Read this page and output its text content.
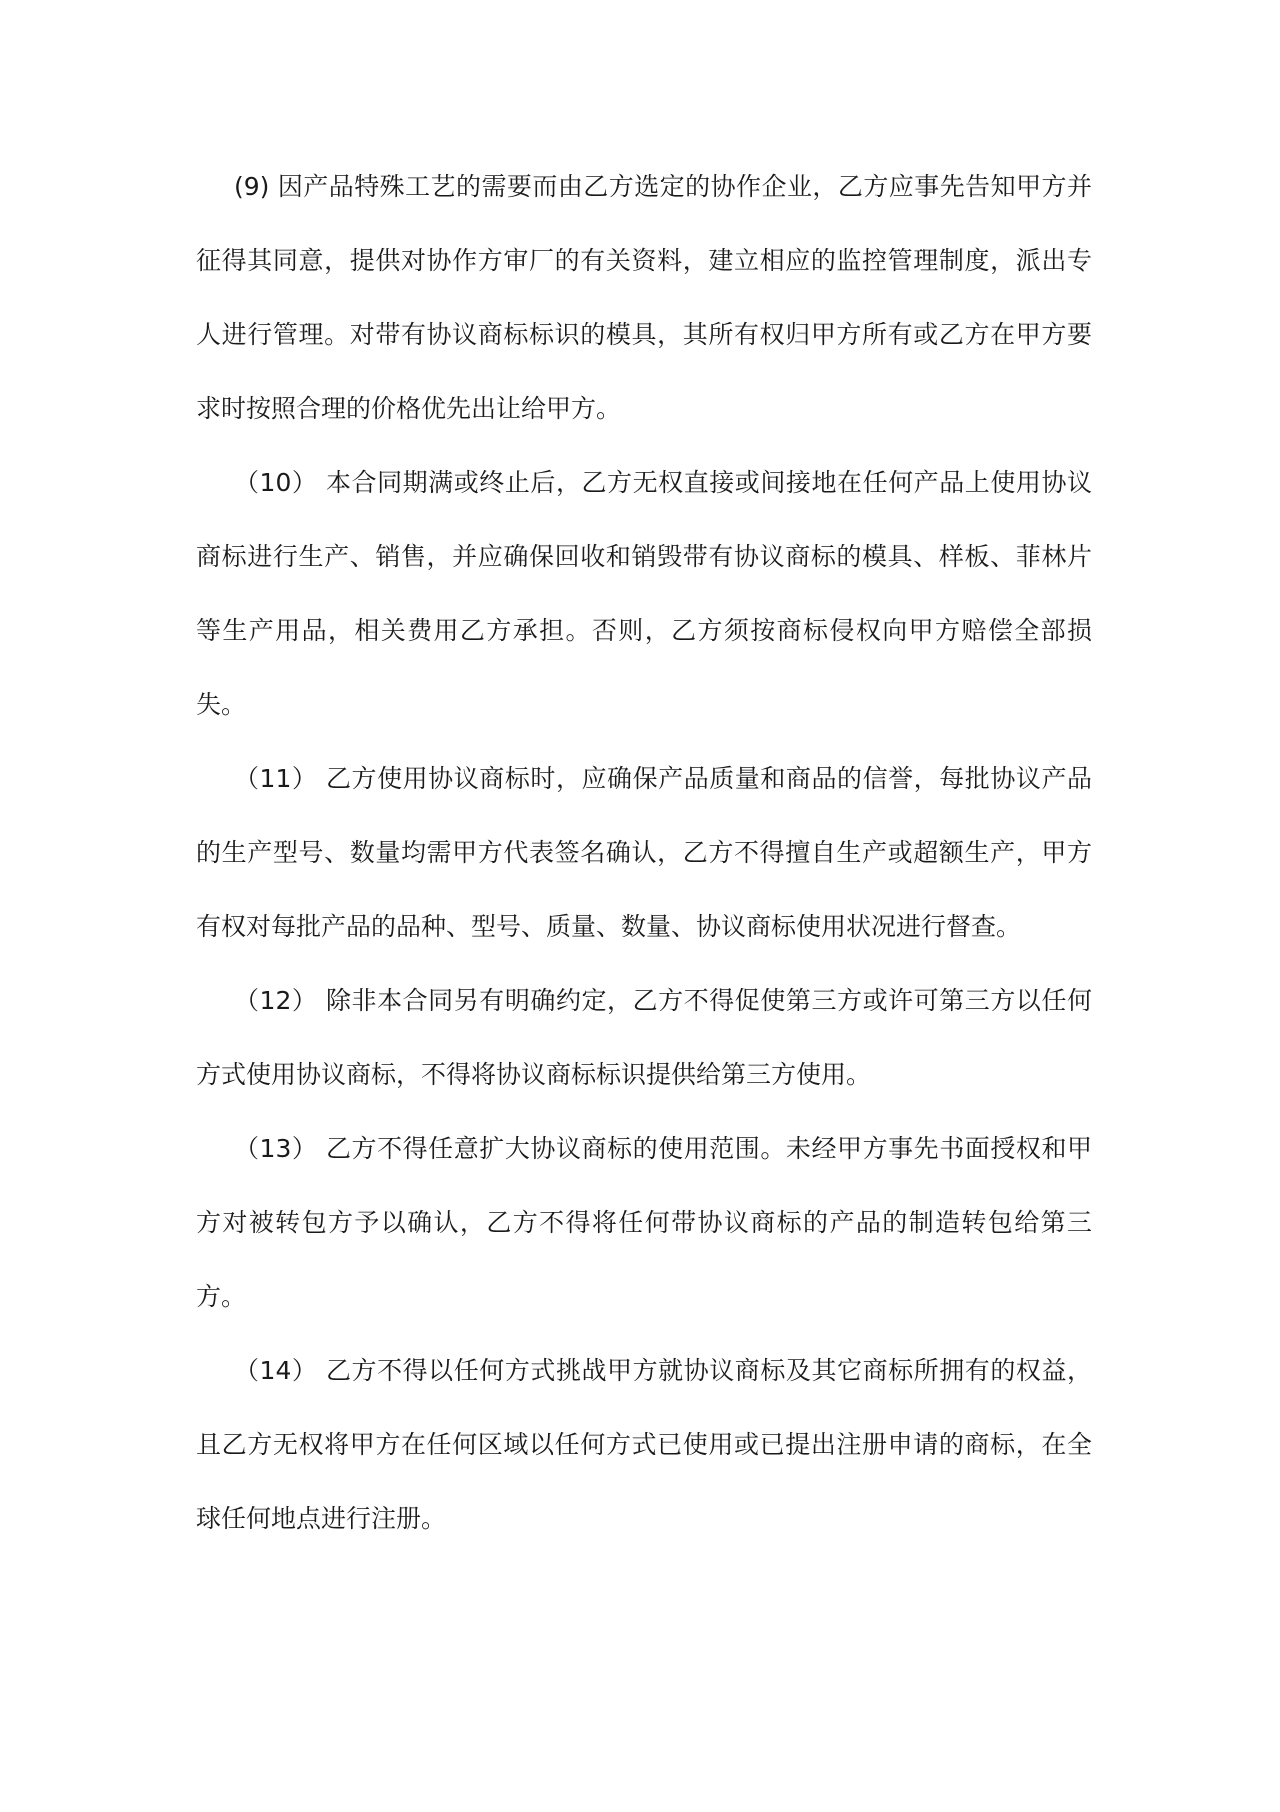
(9) 因产品特殊工艺的需要而由乙方选定的协作企业，乙方应事先告知甲方并征得其同意，提供对协作方审厂的有关资料，建立相应的监控管理制度，派出专人进行管理。对带有协议商标标识的模具，其所有权归甲方所有或乙方在甲方要求时按照合理的价格优先出让给甲方。

（10） 本合同期满或终止后，乙方无权直接或间接地在任何产品上使用协议商标进行生产、销售，并应确保回收和销毁带有协议商标的模具、样板、菲林片等生产用品，相关费用乙方承担。否则，乙方须按商标侵权向甲方赔偿全部损失。

（11） 乙方使用协议商标时，应确保产品质量和商品的信誉，每批协议产品的生产型号、数量均需甲方代表签名确认，乙方不得擅自生产或超额生产，甲方有权对每批产品的品种、型号、质量、数量、协议商标使用状况进行督查。

（12） 除非本合同另有明确约定，乙方不得促使第三方或许可第三方以任何方式使用协议商标，不得将协议商标标识提供给第三方使用。

（13） 乙方不得任意扩大协议商标的使用范围。未经甲方事先书面授权和甲方对被转包方予以确认，乙方不得将任何带协议商标的产品的制造转包给第三方。

（14） 乙方不得以任何方式挑战甲方就协议商标及其它商标所拥有的权益，且乙方无权将甲方在任何区域以任何方式已使用或已提出注册申请的商标，在全球任何地点进行注册。
